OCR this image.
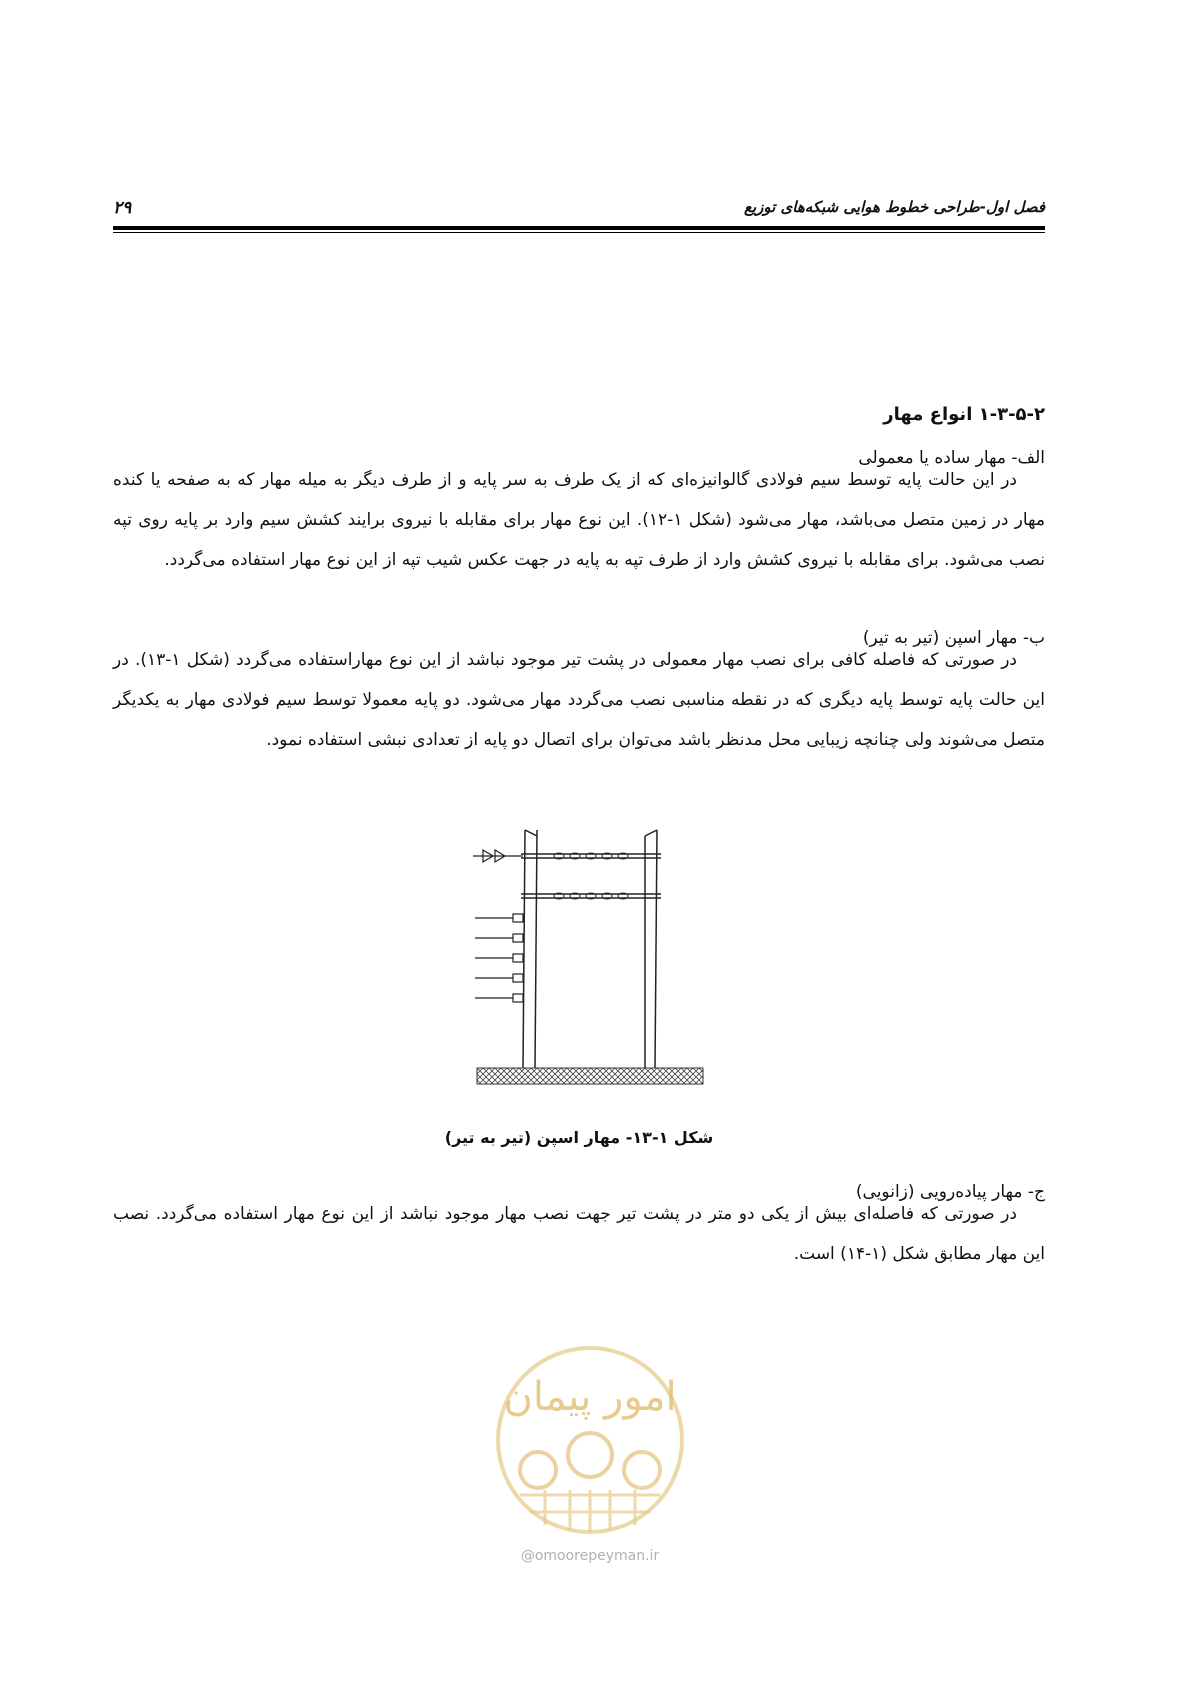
فصل اول-طراحی خطوط هوایی شبکه‌های توزیع
۲۹
۱-۳-۵-۲ انواع مهار
الف- مهار ساده یا معمولی
در این حالت پایه توسط سیم فولادی گالوانیزه‌ای که از یک طرف به سر پایه و از طرف دیگر به میله مهار که به صفحه یا کنده مهار در زمین متصل می‌باشد، مهار می‌شود (شکل ۱-۱۲). این نوع مهار برای مقابله با نیروی برایند کشش سیم وارد بر پایه روی تپه نصب می‌شود. برای مقابله با نیروی کشش وارد از طرف تپه به پایه در جهت عکس شیب تپه از این نوع مهار استفاده می‌گردد.
ب- مهار اسپن (تیر به تیر)
در صورتی که فاصله کافی برای نصب مهار معمولی در پشت تیر موجود نباشد از این نوع مهاراستفاده می‌گردد (شکل ۱-۱۳). در این حالت پایه توسط پایه دیگری که در نقطه مناسبی نصب می‌گردد مهار می‌شود. دو پایه معمولا توسط سیم فولادی مهار به یکدیگر متصل می‌شوند ولی چنانچه زیبایی محل مدنظر باشد می‌توان برای اتصال دو پایه از تعدادی نبشی استفاده نمود.
شکل ۱-۱۳- مهار اسپن (تیر به تیر)
ج- مهار پیاده‌رویی (زانویی)
در صورتی که فاصله‌ای بیش از یکی دو متر در پشت تیر جهت نصب مهار موجود نباشد از این نوع مهار استفاده می‌گردد. نصب این مهار مطابق شکل (۱-۱۴) است.
امور پیمان
@omoorepeyman.ir
